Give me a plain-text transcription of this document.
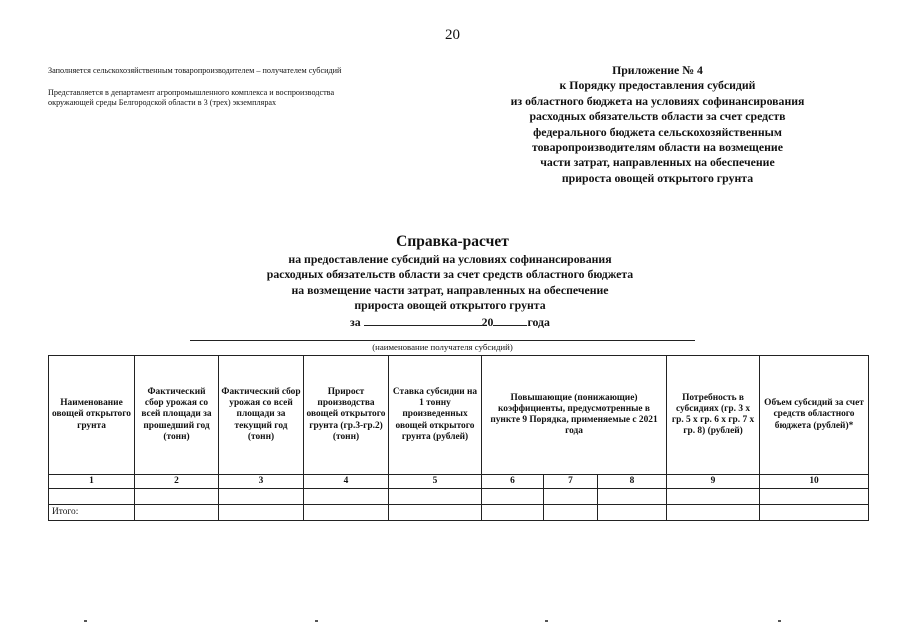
20
Заполняется сельскохозяйственным товаропроизводителем – получателем субсидий
Представляется в департамент агропромышленного комплекса и воспроизводства
окружающей среды Белгородской области в 3 (трех) экземплярах
Приложение № 4
к Порядку предоставления субсидий
из областного бюджета на условиях софинансирования
расходных обязательств области за счет средств
федерального бюджета сельскохозяйственным
товаропроизводителям области на возмещение
части затрат, направленных на обеспечение
прироста овощей открытого грунта
Справка-расчет
на предоставление субсидий на условиях софинансирования
расходных обязательств области за счет средств областного бюджета
на возмещение части затрат, направленных на обеспечение
прироста овощей открытого грунта
за	20	года
(наименование получателя субсидий)
Наименование овощей открытого грунта	Фактический сбор урожая со всей площади за прошедший год (тонн)	Фактический сбор урожая со всей площади за текущий год (тонн)	Прирост производства овощей открытого грунта (гр.3-гр.2) (тонн)	Ставка субсидии на 1 тонну произведенных овощей открытого грунта (рублей)	Повышающие (понижающие) коэффициенты, предусмотренные в пункте 9 Порядка, применяемые с 2021 года			Потребность в субсидиях (гр. 3 х гр. 5 х гр. 6 х гр. 7 х гр. 8) (рублей)	Объем субсидий за счет средств областного бюджета (рублей)*
1	2	3	4	5	6	7	8	9	10

Итого:									
